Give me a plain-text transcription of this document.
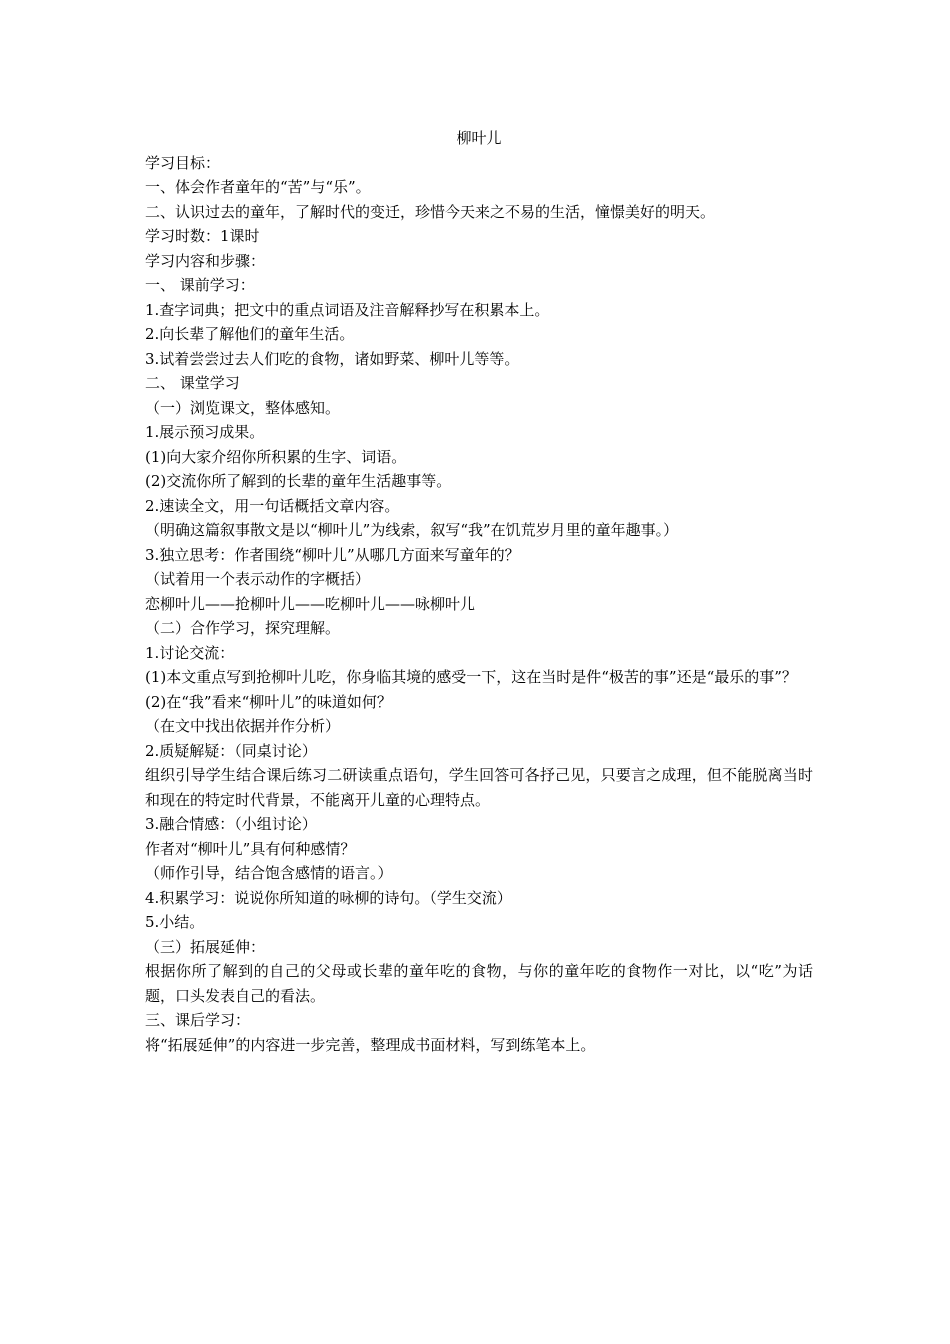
柳叶儿

学习目标：

一、体会作者童年的“苦”与“乐”。

二、认识过去的童年，了解时代的变迁，珍惜今天来之不易的生活，憧憬美好的明天。

学习时数：1课时

学习内容和步骤：

一、 课前学习：

1.查字词典；把文中的重点词语及注音解释抄写在积累本上。

2.向长辈了解他们的童年生活。

3.试着尝尝过去人们吃的食物，诸如野菜、柳叶儿等等。

二、 课堂学习

（一）浏览课文，整体感知。

1.展示预习成果。

(1)向大家介绍你所积累的生字、词语。

(2)交流你所了解到的长辈的童年生活趣事等。

2.速读全文，用一句话概括文章内容。

（明确这篇叙事散文是以“柳叶儿”为线索，叙写“我”在饥荒岁月里的童年趣事。）

3.独立思考：作者围绕“柳叶儿”从哪几方面来写童年的？

（试着用一个表示动作的字概括）

恋柳叶儿——抢柳叶儿——吃柳叶儿——咏柳叶儿

（二）合作学习，探究理解。

1.讨论交流：

(1)本文重点写到抢柳叶儿吃，你身临其境的感受一下，这在当时是件“极苦的事”还是“最乐的事”？

(2)在“我”看来“柳叶儿”的味道如何？

（在文中找出依据并作分析）

2.质疑解疑：（同桌讨论）

组织引导学生结合课后练习二研读重点语句，学生回答可各抒己见，只要言之成理，但不能脱离当时和现在的特定时代背景，不能离开儿童的心理特点。

3.融合情感：（小组讨论）

作者对“柳叶儿”具有何种感情？

（师作引导，结合饱含感情的语言。）

4.积累学习：说说你所知道的咏柳的诗句。（学生交流）

5.小结。

（三）拓展延伸：

根据你所了解到的自己的父母或长辈的童年吃的食物，与你的童年吃的食物作一对比，以“吃”为话题，口头发表自己的看法。

三、课后学习：

将“拓展延伸”的内容进一步完善，整理成书面材料，写到练笔本上。
